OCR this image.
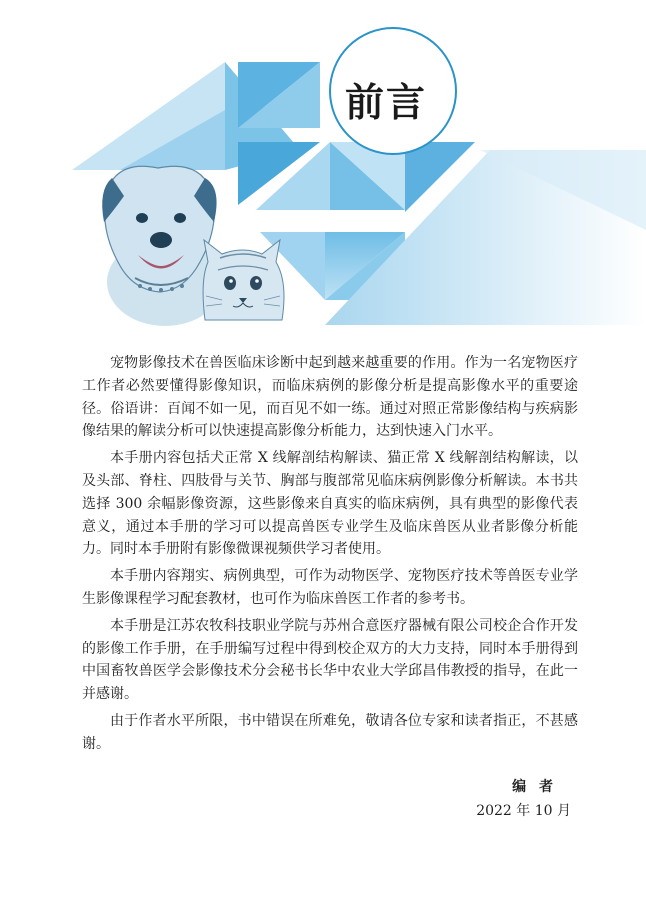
前言

宠物影像技术在兽医临床诊断中起到越来越重要的作用。作为一名宠物医疗工作者必然要懂得影像知识，而临床病例的影像分析是提高影像水平的重要途径。俗语讲：百闻不如一见，而百见不如一练。通过对照正常影像结构与疾病影像结果的解读分析可以快速提高影像分析能力，达到快速入门水平。

本手册内容包括犬正常 X 线解剖结构解读、猫正常 X 线解剖结构解读，以及头部、脊柱、四肢骨与关节、胸部与腹部常见临床病例影像分析解读。本书共选择 300 余幅影像资源，这些影像来自真实的临床病例，具有典型的影像代表意义，通过本手册的学习可以提高兽医专业学生及临床兽医从业者影像分析能力。同时本手册附有影像微课视频供学习者使用。

本手册内容翔实、病例典型，可作为动物医学、宠物医疗技术等兽医专业学生影像课程学习配套教材，也可作为临床兽医工作者的参考书。

本手册是江苏农牧科技职业学院与苏州合意医疗器械有限公司校企合作开发的影像工作手册，在手册编写过程中得到校企双方的大力支持，同时本手册得到中国畜牧兽医学会影像技术分会秘书长华中农业大学邱昌伟教授的指导，在此一并感谢。

由于作者水平所限，书中错误在所难免，敬请各位专家和读者指正，不甚感谢。

编 者
2022 年 10 月
